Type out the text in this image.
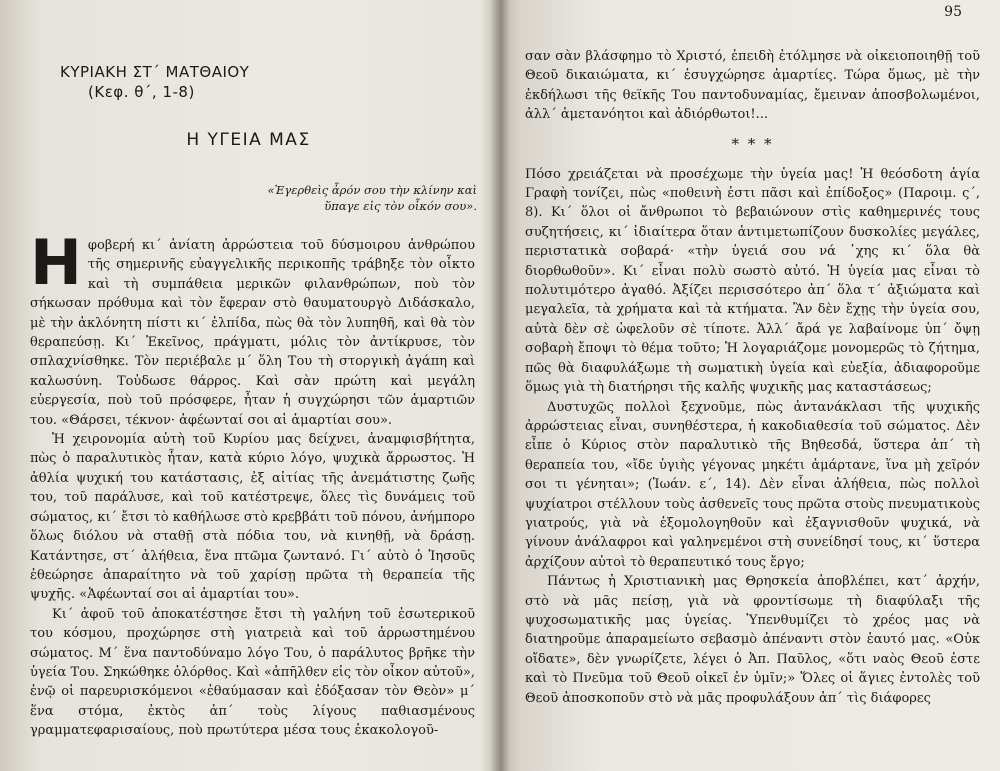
ΚΥΡΙΑΚΗ ΣΤ΄ ΜΑΤΘΑΙΟΥ
(Κεφ. θ΄, 1-8)
Η ΥΓΕΙΑ ΜΑΣ
«Ἐγερθεὶς ἆρόν σου τὴν κλίνην καὶ ὕπαγε εἰς τὸν οἶκόν σου».

Ηφοβερή κι΄ ἀνίατη ἀρρώστεια τοῦ δύσμοιρου ἀνθρώπου τῆς σημερινῆς εὐαγγελικῆς περικοπῆς τράβηξε τὸν οἶκτο καὶ τὴ συμπάθεια μερικῶν φιλανθρώπων, ποὺ τὸν σήκωσαν πρόθυμα καὶ τὸν ἔφεραν στὸ θαυματουργὸ Διδάσκαλο, μὲ τὴν ἀκλόνητη πίστι κι΄ ἐλπίδα, πὼς θὰ τὸν λυπηθῆ, καὶ θὰ τὸν θεραπεύσῃ. Κι΄ Ἐκεῖνος, πράγματι, μόλις τὸν ἀντίκρυσε, τὸν σπλαχνίσθηκε. Τὸν περιέβαλε μ΄ ὅλη Του τὴ στοργικὴ ἀγάπη καὶ καλωσύνη. Τοὐδωσε θάρρος. Καὶ σὰν πρώτη καὶ μεγάλη εὐεργεσία, ποὺ τοῦ πρόσφερε, ἦταν ἡ συγχώρησι τῶν ἁμαρτιῶν του. «Θάρσει, τέκνον· ἀφέωνταί σοι αἱ ἁμαρτίαι σου».

Ἡ χειρονομία αὐτὴ τοῦ Κυρίου μας δείχνει, ἀναμφισβήτητα, πὼς ὁ παραλυτικὸς ἦταν, κατὰ κύριο λόγο, ψυχικὰ ἄρρωστος. Ἡ ἀθλία ψυχική του κατάστασις, ἐξ αἰτίας τῆς ἀνεμάτιστης ζωῆς του, τοῦ παράλυσε, καὶ τοῦ κατέστρεψε, ὅλες τὶς δυνάμεις τοῦ σώματος, κι΄ ἔτσι τὸ καθήλωσε στὸ κρεββάτι τοῦ πόνου, ἀνήμπορο ὅλως διόλου νὰ σταθῇ στὰ πόδια του, νὰ κινηθῇ, νὰ δράσῃ. Κατάντησε, στ΄ ἀλήθεια, ἕνα πτῶμα ζωντανό. Γι΄ αὐτὸ ὁ Ἰησοῦς ἐθεώρησε ἀπαραίτητο νὰ τοῦ χαρίσῃ πρῶτα τὴ θεραπεία τῆς ψυχῆς. «Ἀφέωνταί σοι αἱ ἁμαρτίαι του».

Κι΄ ἀφοῦ τοῦ ἀποκατέστησε ἔτσι τὴ γαλήνη τοῦ ἐσωτερικοῦ του κόσμου, προχώρησε στὴ γιατρειὰ καὶ τοῦ ἀρρωστημένου σώματος. Μ΄ ἕνα παντοδύναμο λόγο Του, ὁ παράλυτος βρῆκε τὴν ὑγεία Του. Σηκώθηκε ὀλόρθος. Καὶ «ἀπῆλθεν εἰς τὸν οἶκον αὐτοῦ», ἐνῷ οἱ παρευρισκόμενοι «ἐθαύμασαν καὶ ἐδόξασαν τὸν Θεὸν» μ΄ ἕνα στόμα, ἐκτὸς ἀπ΄ τοὺς λίγους παθιασμένους γραμματεφαρισαίους, ποὺ πρωτύτερα μέσα τους ἐκακολογοῦ-

95

σαν σὰν βλάσφημο τὸ Χριστό, ἐπειδὴ ἐτόλμησε νὰ οἰκειοποιηθῇ τοῦ Θεοῦ δικαιώματα, κι΄ ἐσυγχώρησε ἁμαρτίες. Τώρα ὅμως, μὲ τὴν ἐκδήλωσι τῆς θεϊκῆς Του παντοδυναμίας, ἔμειναν ἀποσβολωμένοι, ἀλλ΄ ἀμετανόητοι καὶ ἀδιόρθωτοι!...

* * *

Πόσο χρειάζεται νὰ προσέχωμε τὴν ὑγεία μας! Ἡ θεόσδοτη ἁγία Γραφὴ τονίζει, πὼς «ποθεινὴ ἐστι πᾶσι καὶ ἐπίδοξος» (Παροιμ. ς΄, 8). Κι΄ ὅλοι οἱ ἄνθρωποι τὸ βεβαιώνουν στὶς καθημερινές τους συζητήσεις, κι΄ ἰδιαίτερα ὅταν ἀντιμετωπίζουν δυσκολίες μεγάλες, περιστατικὰ σοβαρά· «τὴν ὑγειά σου νά ᾽χης κι΄ ὅλα θὰ διορθωθοῦν». Κι΄ εἶναι πολὺ σωστὸ αὐτό. Ἡ ὑγεία μας εἶναι τὸ πολυτιμότερο ἀγαθό. Ἀξίζει περισσότερο ἀπ΄ ὅλα τ΄ ἀξιώματα καὶ μεγαλεῖα, τὰ χρήματα καὶ τὰ κτήματα. Ἂν δὲν ἔχῃς τὴν ὑγεία σου, αὐτὰ δὲν σὲ ὠφελοῦν σὲ τίποτε. Ἀλλ΄ ἄρά γε λαβαίνομε ὑπ΄ ὄψῃ σοβαρὴ ἔποψι τὸ θέμα τοῦτο; Ἡ λογαριάζομε μονομερῶς τὸ ζήτημα, πῶς θὰ διαφυλάξωμε τὴ σωματικὴ ὑγεία καὶ εὐεξία, ἀδιαφοροῦμε ὅμως γιὰ τὴ διατήρησι τῆς καλῆς ψυχικῆς μας καταστάσεως;

Δυστυχῶς πολλοὶ ξεχνοῦμε, πὼς ἀντανάκλασι τῆς ψυχικῆς ἀρρώστειας εἶναι, συνηθέστερα, ἡ κακοδιαθεσία τοῦ σώματος. Δὲν εἶπε ὁ Κύριος στὸν παραλυτικὸ τῆς Βηθεσδά, ὕστερα ἀπ΄ τὴ θεραπεία του, «ἴδε ὑγιὴς γέγονας μηκέτι ἁμάρτανε, ἵνα μὴ χεῖρόν σοι τι γένηται»; (Ἰωάν. ε΄, 14). Δὲν εἶναι ἀλήθεια, πὼς πολλοὶ ψυχίατροι στέλλουν τοὺς ἀσθενεῖς τους πρῶτα στοὺς πνευματικοὺς γιατρούς, γιὰ νὰ ἐξομολογηθοῦν καὶ ἐξαγνισθοῦν ψυχικά, νὰ γίνουν ἀνάλαφροι καὶ γαληνεμένοι στὴ συνείδησί τους, κι΄ ὕστερα ἀρχίζουν αὐτοὶ τὸ θεραπευτικό τους ἔργο;

Πάντως ἡ Χριστιανικὴ μας Θρησκεία ἀποβλέπει, κατ΄ ἀρχήν, στὸ νὰ μᾶς πείσῃ, γιὰ νὰ φροντίσωμε τὴ διαφύλαξι τῆς ψυχοσωματικῆς μας ὑγείας. Ὑπενθυμίζει τὸ χρέος μας νὰ διατηροῦμε ἀπαραμείωτο σεβασμὸ ἀπέναντι στὸν ἑαυτό μας. «Οὐκ οἴδατε», δὲν γνωρίζετε, λέγει ὁ Ἀπ. Παῦλος, «ὅτι ναὸς Θεοῦ ἐστε καὶ τὸ Πνεῦμα τοῦ Θεοῦ οἰκεῖ ἐν ὑμῖν;» Ὅλες οἱ ἅγιες ἐντολὲς τοῦ Θεοῦ ἀποσκοποῦν στὸ νὰ μᾶς προφυλάξουν ἀπ΄ τὶς διάφορες
